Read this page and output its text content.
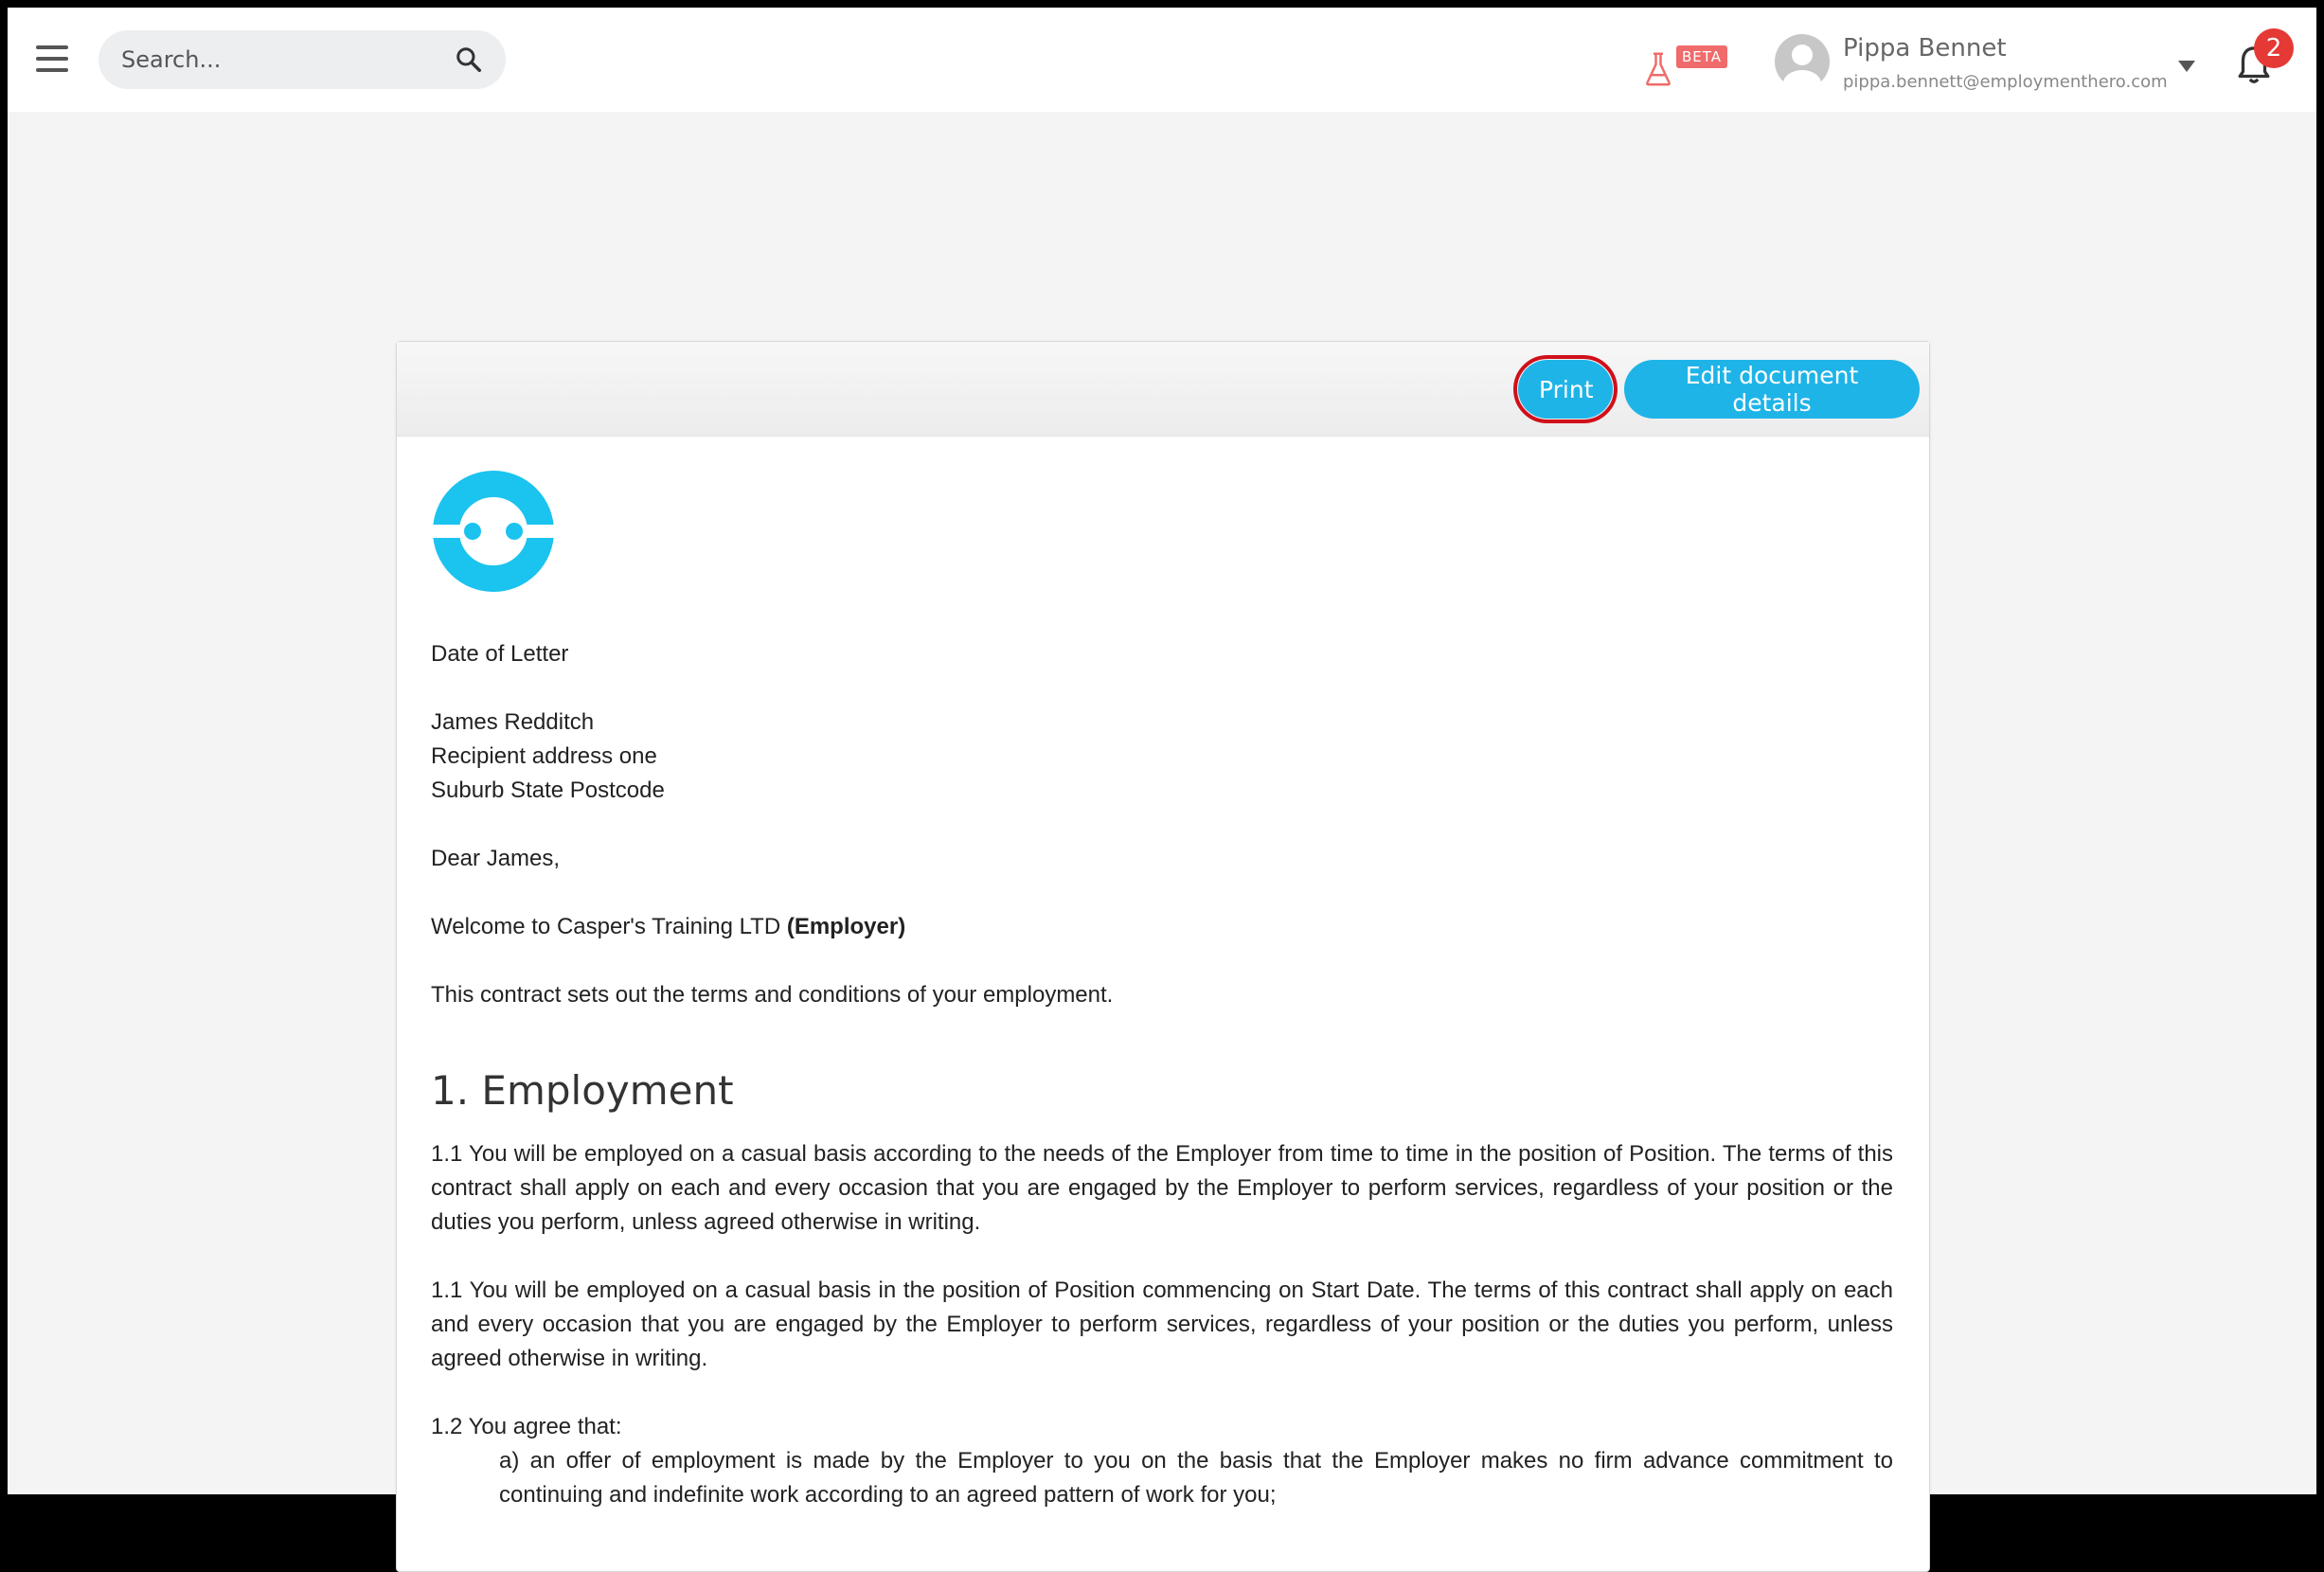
Search...
BETA	Pippa Bennet
pippa.bennett@employmenthero.com
2
Print	Edit document details
Date of Letter
James Redditch
Recipient address one
Suburb State Postcode
Dear James,
Welcome to Casper's Training LTD (Employer)
This contract sets out the terms and conditions of your employment.
1. Employment

1.1 You will be employed on a casual basis according to the needs of the Employer from time to time in the position of Position. The terms of this contract shall apply on each and every occasion that you are engaged by the Employer to perform services, regardless of your position or the duties you perform, unless agreed otherwise in writing.

1.1 You will be employed on a casual basis in the position of Position commencing on Start Date. The terms of this contract shall apply on each and every occasion that you are engaged by the Employer to perform services, regardless of your position or the duties you perform, unless agreed otherwise in writing.

1.2 You agree that:

a) an offer of employment is made by the Employer to you on the basis that the Employer makes no firm advance commitment to continuing and indefinite work according to an agreed pattern of work for you;
